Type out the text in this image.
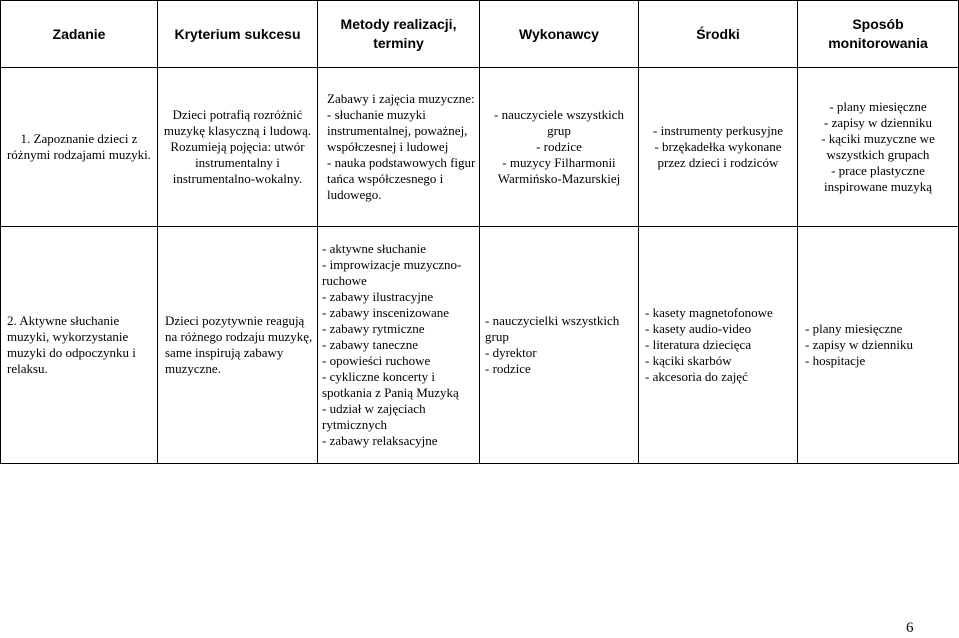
Zadanie	Kryterium sukcesu
Metody realizacji, terminy
Wykonawcy	Środki
Sposób monitorowania
1. Zapoznanie dzieci z
różnymi rodzajami muzyki.
Dzieci potrafią rozróżnić
muzykę klasyczną i ludową.
Rozumieją pojęcia: utwór
instrumentalny i
instrumentalno-wokalny.
Zabawy i zajęcia muzyczne:
- słuchanie muzyki
instrumentalnej, poważnej,
współczesnej i ludowej
- nauka podstawowych figur
tańca współczesnego i
ludowego.
- nauczyciele wszystkich
grup
- rodzice
- muzycy Filharmonii
Warmińsko-Mazurskiej
- instrumenty perkusyjne
- brzękadełka wykonane
przez dzieci i rodziców
- plany miesięczne
- zapisy w dzienniku
- kąciki muzyczne we
wszystkich grupach
- prace plastyczne
inspirowane muzyką
2. Aktywne słuchanie
muzyki, wykorzystanie
muzyki do odpoczynku i
relaksu.
Dzieci pozytywnie reagują
na różnego rodzaju muzykę,
same inspirują zabawy
muzyczne.
- aktywne słuchanie
- improwizacje muzyczno-
ruchowe
- zabawy ilustracyjne
- zabawy inscenizowane
- zabawy rytmiczne
- zabawy taneczne
- opowieści ruchowe
- cykliczne koncerty i
spotkania z Panią Muzyką
- udział w zajęciach
rytmicznych
- zabawy relaksacyjne
- nauczycielki wszystkich
grup
- dyrektor
- rodzice
- kasety magnetofonowe
- kasety audio-video
- literatura dziecięca
- kąciki skarbów
- akcesoria do zajęć
- plany miesięczne
- zapisy w dzienniku
- hospitacje
6
